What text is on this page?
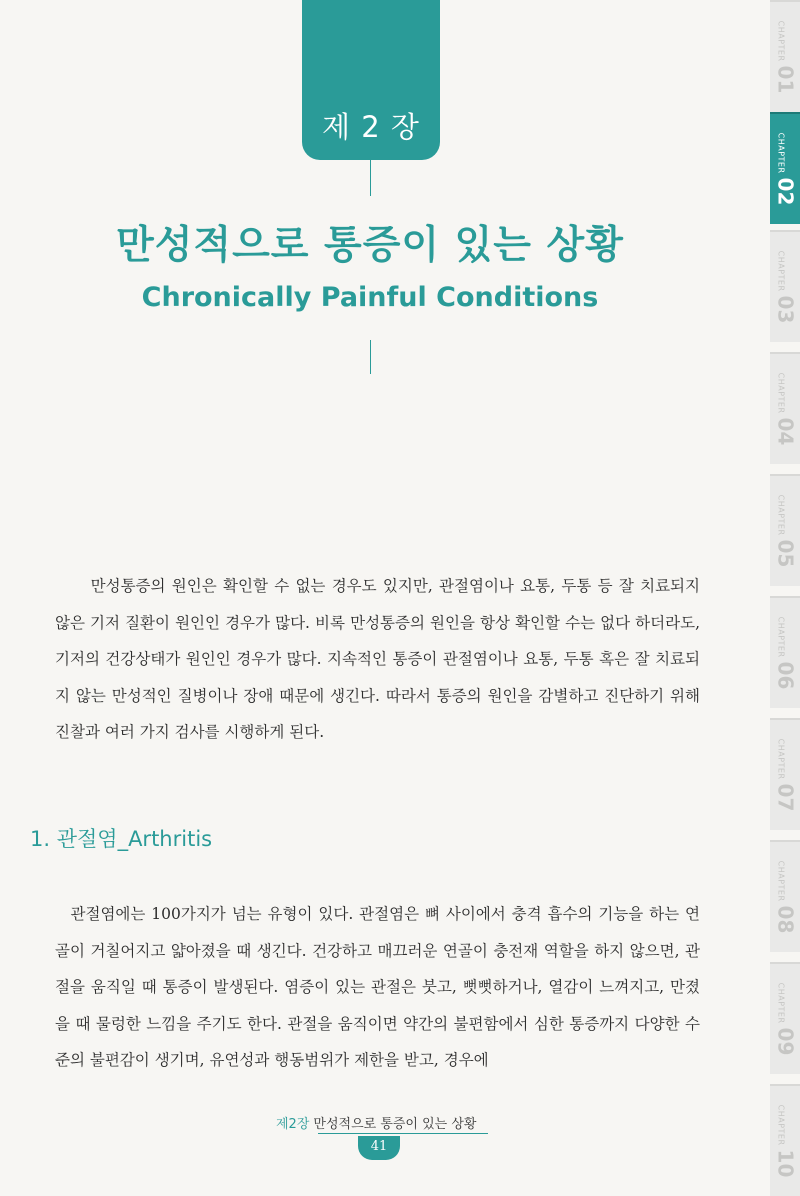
제 2 장
만성적으로 통증이 있는 상황
Chronically Painful Conditions

만성통증의 원인은 확인할 수 없는 경우도 있지만, 관절염이나 요통, 두통 등 잘 치료되지 않은 기저 질환이 원인인 경우가 많다. 비록 만성통증의 원인을 항상 확인할 수는 없다 하더라도, 기저의 건강상태가 원인인 경우가 많다. 지속적인 통증이 관절염이나 요통, 두통 혹은 잘 치료되지 않는 만성적인 질병이나 장애 때문에 생긴다. 따라서 통증의 원인을 감별하고 진단하기 위해 진찰과 여러 가지 검사를 시행하게 된다.

1. 관절염_Arthritis

관절염에는 100가지가 넘는 유형이 있다. 관절염은 뼈 사이에서 충격 흡수의 기능을 하는 연골이 거칠어지고 얇아졌을 때 생긴다. 건강하고 매끄러운 연골이 충전재 역할을 하지 않으면, 관절을 움직일 때 통증이 발생된다. 염증이 있는 관절은 붓고, 뻣뻣하거나, 열감이 느껴지고, 만졌을 때 물렁한 느낌을 주기도 한다. 관절을 움직이면 약간의 불편함에서 심한 통증까지 다양한 수준의 불편감이 생기며, 유연성과 행동범위가 제한을 받고, 경우에

제2장 만성적으로 통증이 있는 상황
41
CHAPTER
01
CHAPTER
02
CHAPTER
03
CHAPTER
04
CHAPTER
05
CHAPTER
06
CHAPTER
07
CHAPTER
08
CHAPTER
09
CHAPTER
10
